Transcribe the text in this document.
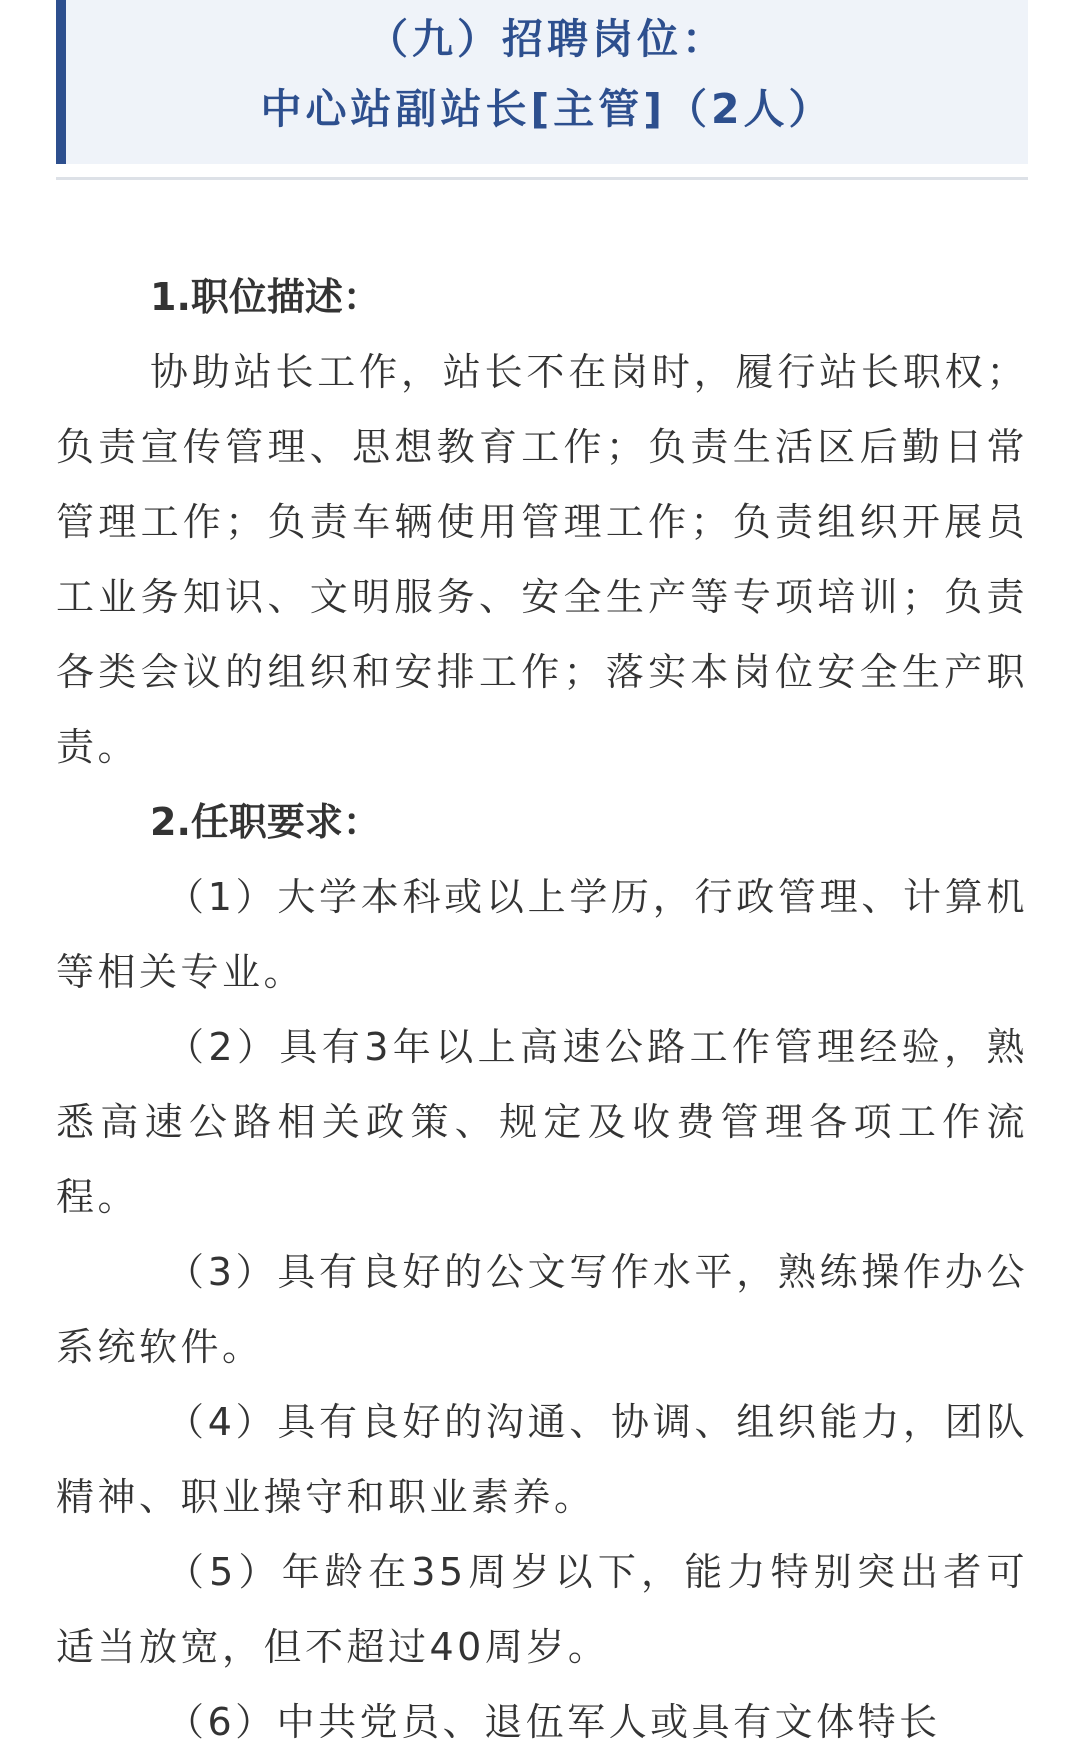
（九）招聘岗位：
中心站副站长[主管]（2人）
1.职位描述：

协助站长工作，站长不在岗时，履行站长职权；负责宣传管理、思想教育工作；负责生活区后勤日常管理工作；负责车辆使用管理工作；负责组织开展员工业务知识、文明服务、安全生产等专项培训；负责各类会议的组织和安排工作；落实本岗位安全生产职责。

2.任职要求：

（1）大学本科或以上学历，行政管理、计算机等相关专业。

（2）具有3年以上高速公路工作管理经验，熟悉高速公路相关政策、规定及收费管理各项工作流程。

（3）具有良好的公文写作水平，熟练操作办公系统软件。

（4）具有良好的沟通、协调、组织能力，团队精神、职业操守和职业素养。

（5）年龄在35周岁以下，能力特别突出者可适当放宽，但不超过40周岁。

（6）中共党员、退伍军人或具有文体特长
